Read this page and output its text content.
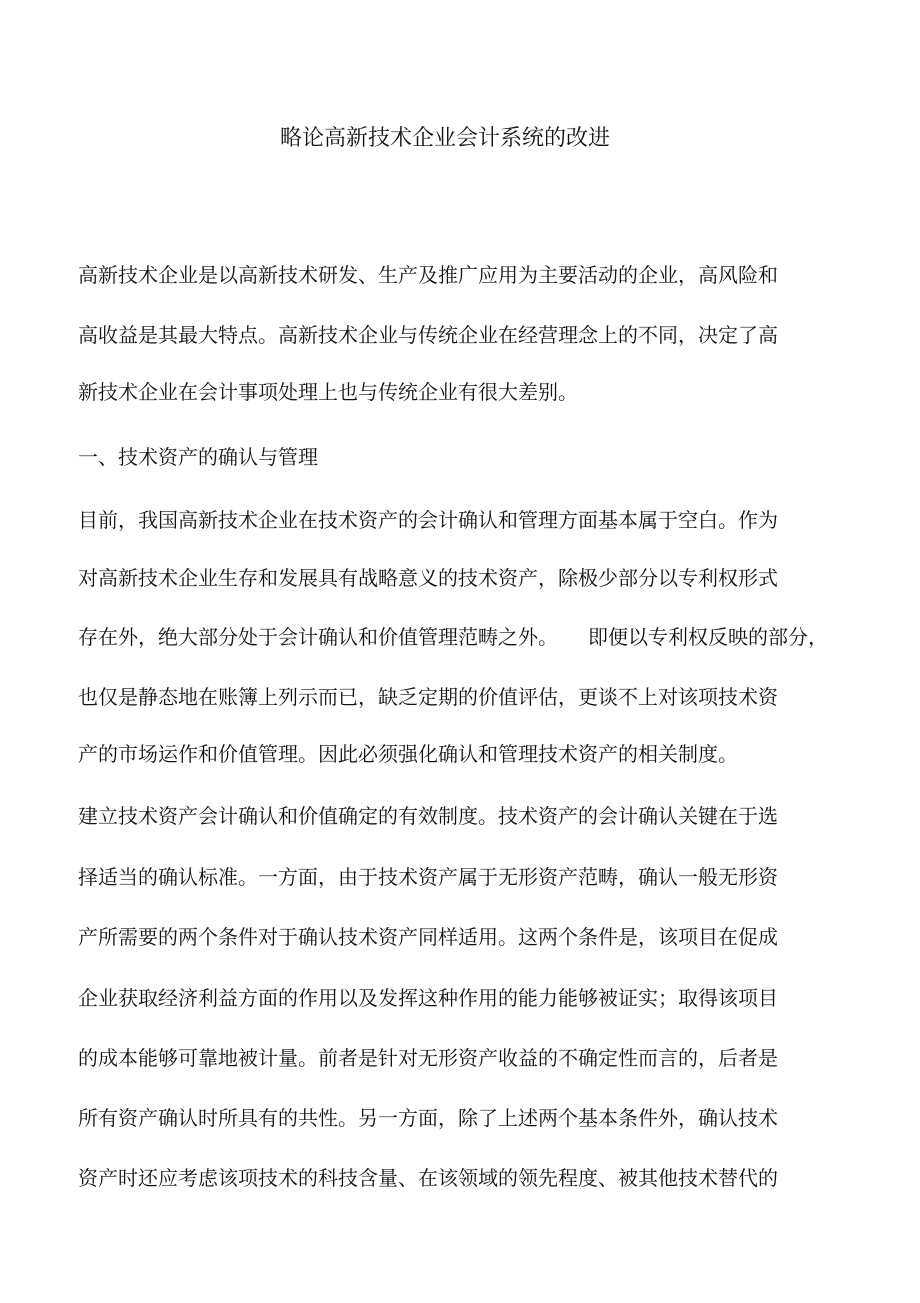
略论高新技术企业会计系统的改进
高新技术企业是以高新技术研发、生产及推广应用为主要活动的企业，高风险和
高收益是其最大特点。高新技术企业与传统企业在经营理念上的不同，决定了高
新技术企业在会计事项处理上也与传统企业有很大差别。
一、技术资产的确认与管理
目前，我国高新技术企业在技术资产的会计确认和管理方面基本属于空白。作为
对高新技术企业生存和发展具有战略意义的技术资产，除极少部分以专利权形式
存在外，绝大部分处于会计确认和价值管理范畴之外。　　即便以专利权反映的部分，
也仅是静态地在账簿上列示而已，缺乏定期的价值评估，更谈不上对该项技术资
产的市场运作和价值管理。因此必须强化确认和管理技术资产的相关制度。
建立技术资产会计确认和价值确定的有效制度。技术资产的会计确认关键在于选
择适当的确认标准。一方面，由于技术资产属于无形资产范畴，确认一般无形资
产所需要的两个条件对于确认技术资产同样适用。这两个条件是，该项目在促成
企业获取经济利益方面的作用以及发挥这种作用的能力能够被证实；取得该项目
的成本能够可靠地被计量。前者是针对无形资产收益的不确定性而言的，后者是
所有资产确认时所具有的共性。另一方面，除了上述两个基本条件外，确认技术
资产时还应考虑该项技术的科技含量、在该领域的领先程度、被其他技术替代的
